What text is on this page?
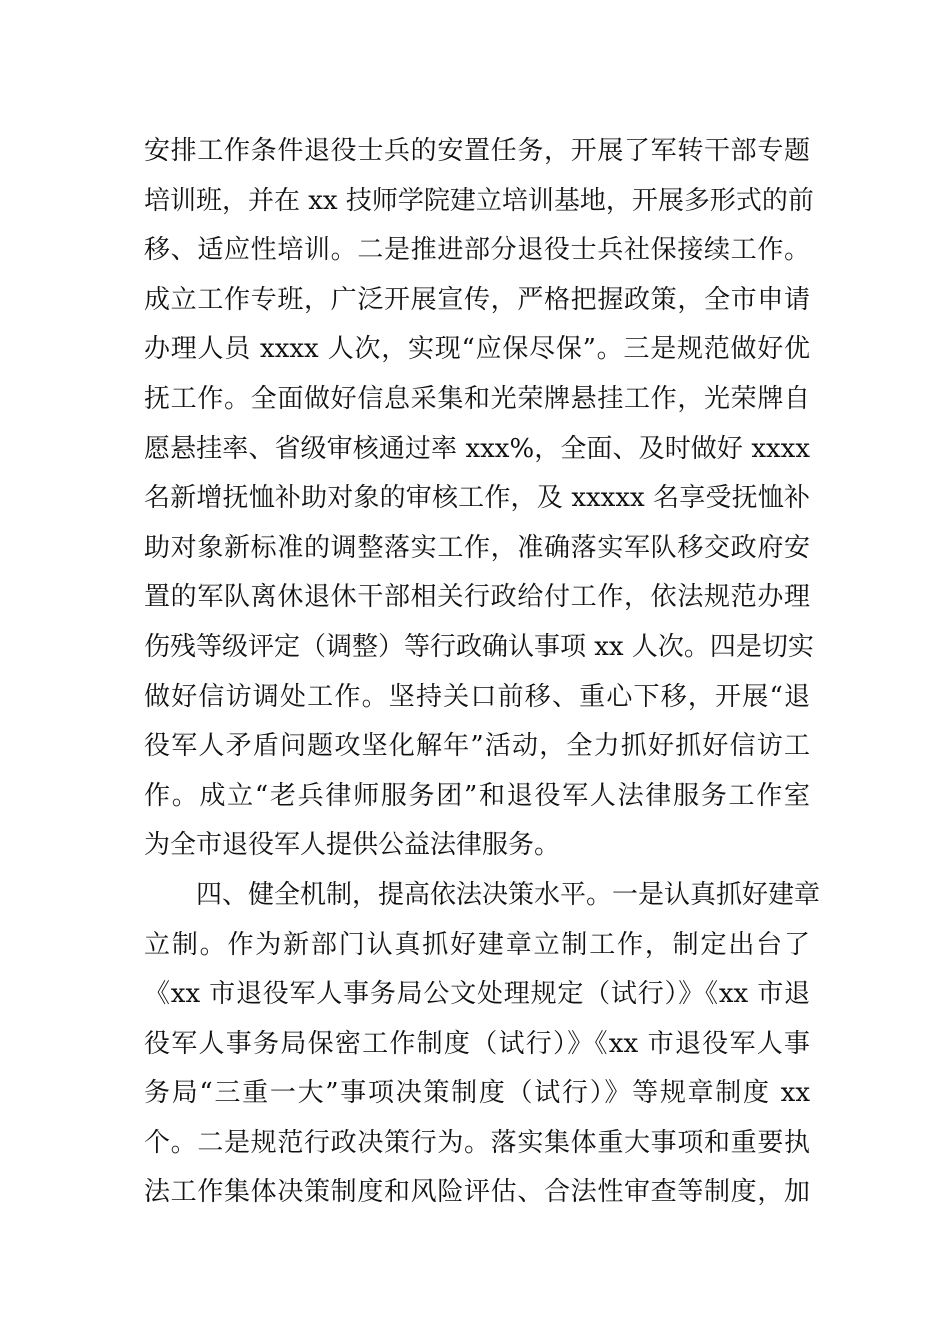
安排工作条件退役士兵的安置任务，开展了军转干部专题
培训班，并在 xx 技师学院建立培训基地，开展多形式的前
移、适应性培训。二是推进部分退役士兵社保接续工作。
成立工作专班，广泛开展宣传，严格把握政策，全市申请
办理人员 xxxx 人次，实现“应保尽保”。三是规范做好优
抚工作。全面做好信息采集和光荣牌悬挂工作，光荣牌自
愿悬挂率、省级审核通过率 xxx%，全面、及时做好 xxxx
名新增抚恤补助对象的审核工作，及 xxxxx 名享受抚恤补
助对象新标准的调整落实工作，准确落实军队移交政府安
置的军队离休退休干部相关行政给付工作，依法规范办理
伤残等级评定（调整）等行政确认事项 xx 人次。四是切实
做好信访调处工作。坚持关口前移、重心下移，开展“退
役军人矛盾问题攻坚化解年”活动，全力抓好抓好信访工
作。成立“老兵律师服务团”和退役军人法律服务工作室
为全市退役军人提供公益法律服务。
四、健全机制，提高依法决策水平。一是认真抓好建章
立制。作为新部门认真抓好建章立制工作，制定出台了
《xx 市退役军人事务局公文处理规定（试行）》《xx 市退
役军人事务局保密工作制度（试行）》《xx 市退役军人事
务局“三重一大”事项决策制度（试行）》等规章制度 xx
个。二是规范行政决策行为。落实集体重大事项和重要执
法工作集体决策制度和风险评估、合法性审查等制度，加
